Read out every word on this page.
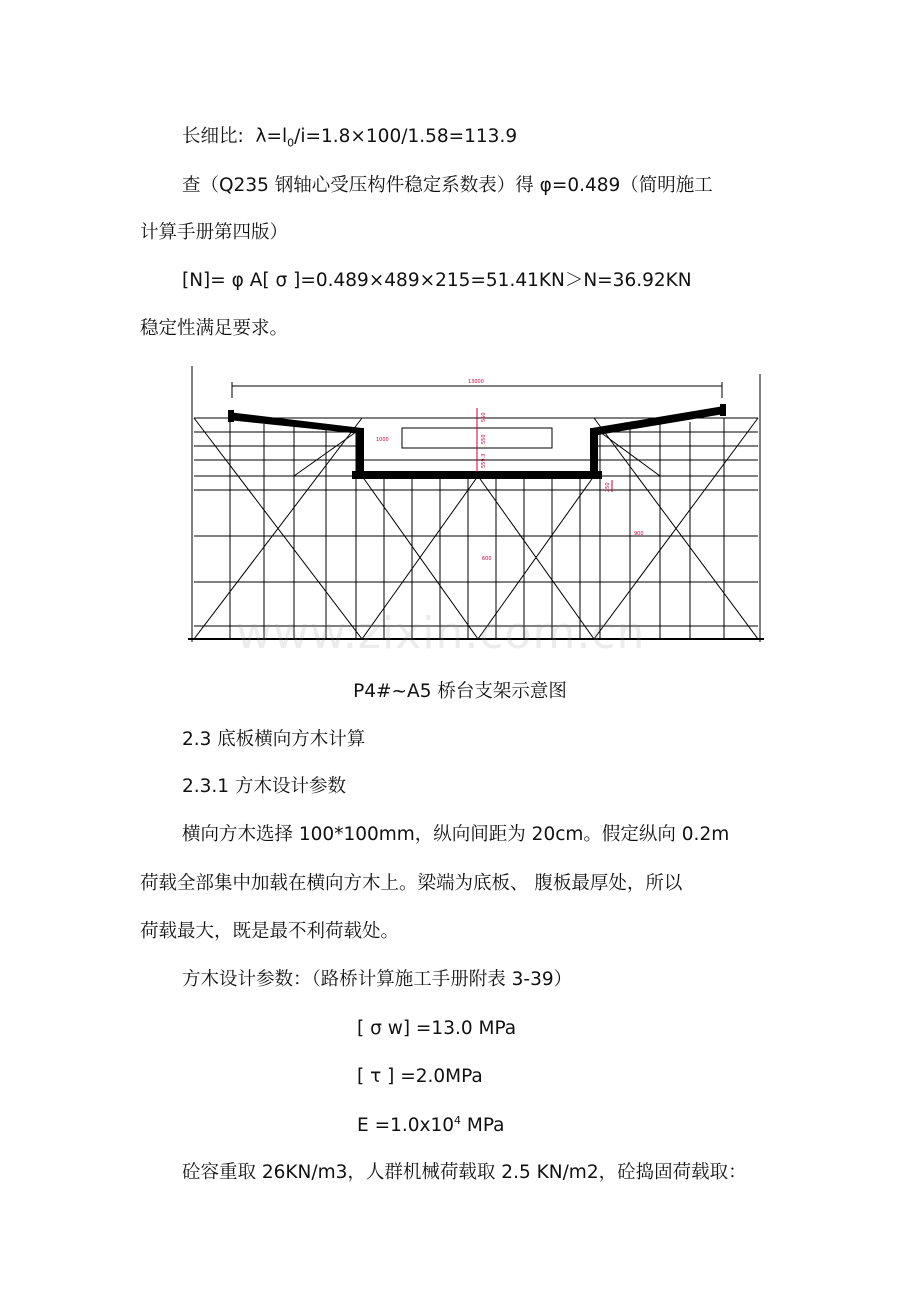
长细比: $\lambda=l_0/i=1.8\times 100/1.58=113.9$
查（Q235 钢轴心受压构件稳定系数表）得 φ=0.489（简明施工
计算手册第四版）
[N]= φ A[ σ ]=0.489×489×215=51.41KN＞N=36.92KN
稳定性满足要求。
13000
1000
550
550
559.3
250
900
600
www.zixin.com.cn
P4#~A5 桥台支架示意图
2.3 底板横向方木计算
2.3.1 方木设计参数
横向方木选择 100*100mm，纵向间距为 20cm。假定纵向 0.2m
荷载全部集中加载在横向方木上。梁端为底板、 腹板最厚处，所以
荷载最大，既是最不利荷载处。
方木设计参数：（路桥计算施工手册附表 3-39）
[ σ w] =13.0 MPa
[ τ ] =2.0MPa
$E =1.0x10^4$ MPa
砼容重取 26KN/m3，人群机械荷载取 2.5 KN/m2，砼捣固荷载取：
